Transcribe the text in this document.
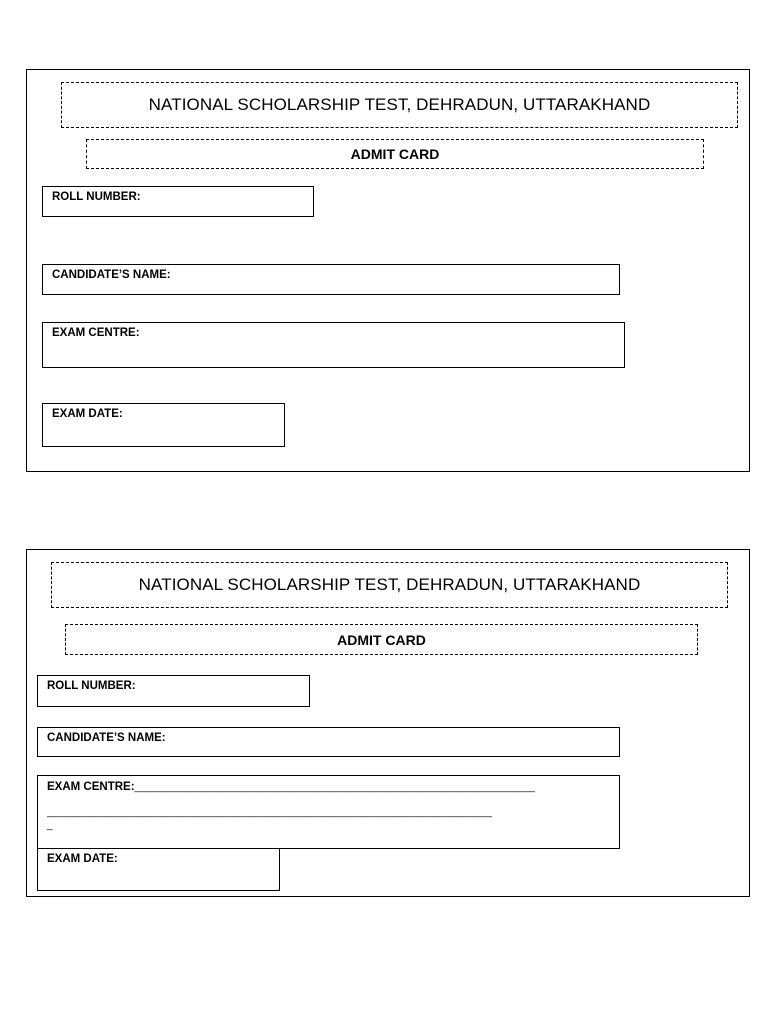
NATIONAL SCHOLARSHIP TEST, DEHRADUN, UTTARAKHAND
ADMIT CARD
ROLL NUMBER:
CANDIDATE’S NAME:
EXAM CENTRE:
EXAM DATE:
NATIONAL SCHOLARSHIP TEST, DEHRADUN, UTTARAKHAND
ADMIT CARD
ROLL NUMBER:
CANDIDATE’S NAME:
EXAM CENTRE:________________________________________________________________________
________________________________________________________________________________
_
EXAM DATE:
